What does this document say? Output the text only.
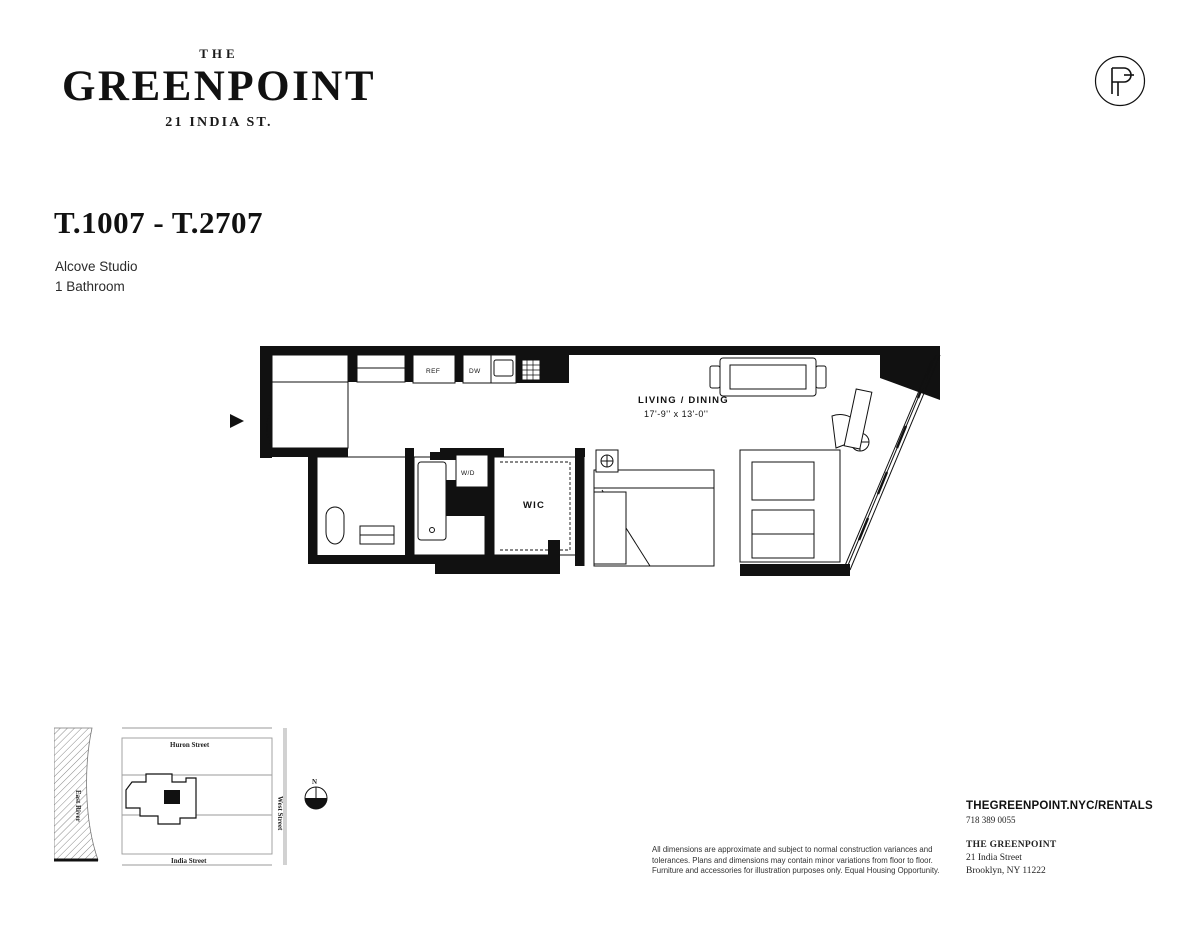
THE
GREENPOINT
21 INDIA ST.
T.1007 - T.2707
Alcove Studio
1 Bathroom
LIVING / DINING
17'-9'' x 13'-0''
WIC
REF	DW
W/D
N
Huron Street
India Street
West Street
East River	THEGREENPOINT.NYC/RENTALS
718 389 0055
THE GREENPOINT
21 India Street
Brooklyn, NY 11222
All dimensions are approximate and subject to normal construction variances and tolerances. Plans and dimensions may contain minor variations from floor to floor. Furniture and accessories for illustration purposes only. Equal Housing Opportunity.
